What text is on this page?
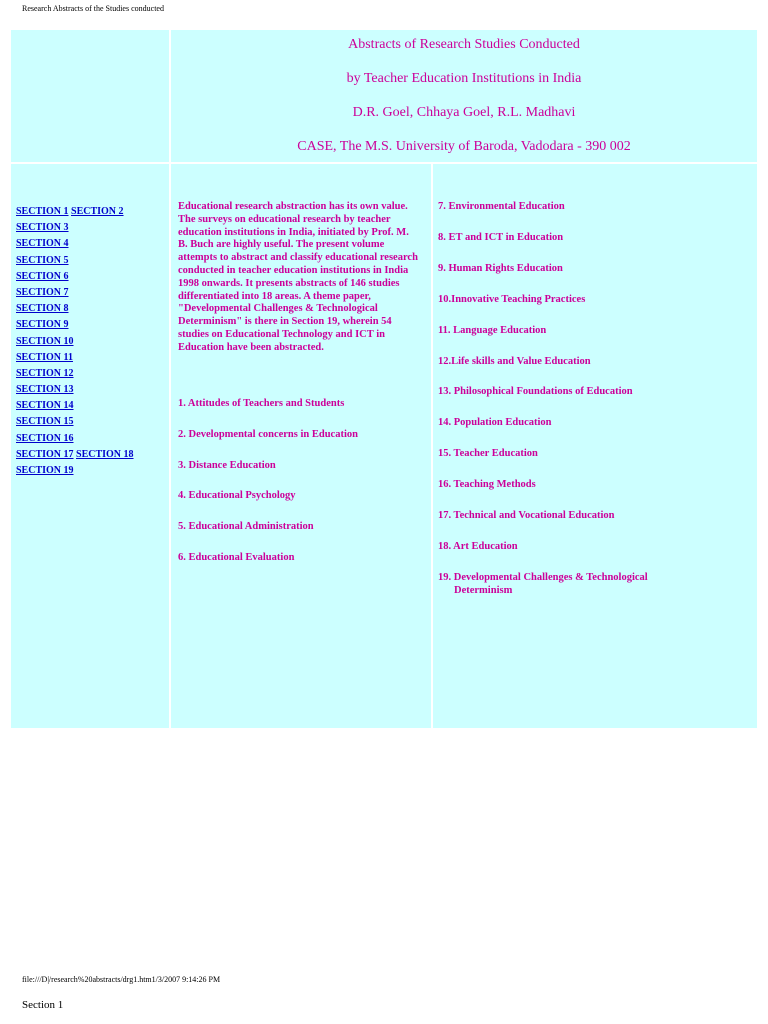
Research Abstracts of the Studies conducted
Abstracts of Research Studies Conducted
by Teacher Education Institutions in India
D.R. Goel, Chhaya Goel, R.L. Madhavi
CASE, The M.S. University of Baroda, Vadodara - 390 002
SECTION 1 SECTION 2
SECTION 3
SECTION 4
SECTION 5
SECTION 6
SECTION 7
SECTION 8
SECTION 9
SECTION 10
SECTION 11
SECTION 12
SECTION 13
SECTION 14
SECTION 15
SECTION 16
SECTION 17 SECTION 18
SECTION 19
Educational research abstraction has its own value. The surveys on educational research by teacher education institutions in India, initiated by Prof. M. B. Buch are highly useful. The present volume attempts to abstract and classify educational research conducted in teacher education institutions in India 1998 onwards. It presents abstracts of 146 studies differentiated into 18 areas. A theme paper, "Developmental Challenges & Technological Determinism" is there in Section 19, wherein 54 studies on Educational Technology and ICT in Education have been abstracted.
1. Attitudes of Teachers and Students
2. Developmental concerns in Education
3. Distance Education
4. Educational Psychology
5. Educational Administration
6. Educational Evaluation
7. Environmental Education
8. ET and ICT in Education
9. Human Rights Education
10.Innovative Teaching Practices
11. Language Education
12.Life skills and Value Education
13. Philosophical Foundations of Education
14. Population Education
15. Teacher Education
16. Teaching Methods
17. Technical and Vocational Education
18. Art Education
19. Developmental Challenges & Technological
Determinism
file:///D|/research%20abstracts/drg1.htm1/3/2007 9:14:26 PM
Section 1
